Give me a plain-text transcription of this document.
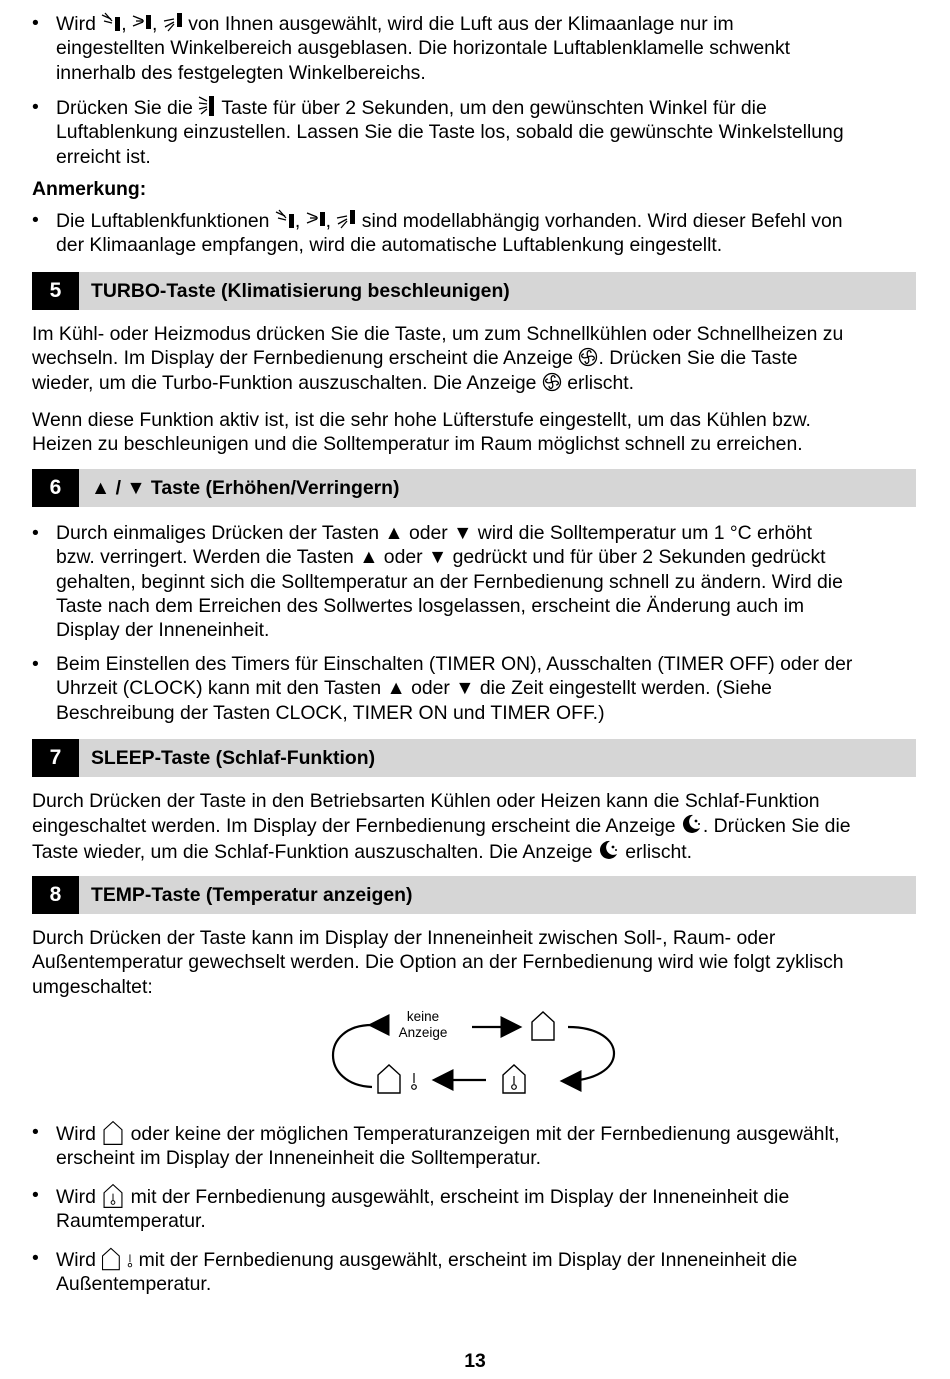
• Wird , , von Ihnen ausgewählt, wird die Luft aus der Klimaanlage nur im
eingestellten Winkelbereich ausgeblasen. Die horizontale Luftablenklamelle schwenkt
innerhalb des festgelegten Winkelbereichs.
• Drücken Sie die Taste für über 2 Sekunden, um den gewünschten Winkel für die
Luftablenkung einzustellen. Lassen Sie die Taste los, sobald die gewünschte Winkelstellung
erreicht ist.
Anmerkung:
• Die Luftablenkfunktionen , , sind modellabhängig vorhanden. Wird dieser Befehl von
der Klimaanlage empfangen, wird die automatische Luftablenkung eingestellt.
5	TURBO-Taste (Klimatisierung beschleunigen)
Im Kühl- oder Heizmodus drücken Sie die Taste, um zum Schnellkühlen oder Schnellheizen zu
wechseln. Im Display der Fernbedienung erscheint die Anzeige . Drücken Sie die Taste
wieder, um die Turbo-Funktion auszuschalten. Die Anzeige erlischt.
Wenn diese Funktion aktiv ist, ist die sehr hohe Lüfterstufe eingestellt, um das Kühlen bzw.
Heizen zu beschleunigen und die Solltemperatur im Raum möglichst schnell zu erreichen.
6	▲ / ▼ Taste (Erhöhen/Verringern)
• Durch einmaliges Drücken der Tasten ▲ oder ▼ wird die Solltemperatur um 1 °C erhöht
bzw. verringert. Werden die Tasten ▲ oder ▼ gedrückt und für über 2 Sekunden gedrückt
gehalten, beginnt sich die Solltemperatur an der Fernbedienung schnell zu ändern. Wird die
Taste nach dem Erreichen des Sollwertes losgelassen, erscheint die Änderung auch im
Display der Inneneinheit.
• Beim Einstellen des Timers für Einschalten (TIMER ON), Ausschalten (TIMER OFF) oder der
Uhrzeit (CLOCK) kann mit den Tasten ▲ oder ▼ die Zeit eingestellt werden. (Siehe
Beschreibung der Tasten CLOCK, TIMER ON und TIMER OFF.)
7	SLEEP-Taste (Schlaf-Funktion)
Durch Drücken der Taste in den Betriebsarten Kühlen oder Heizen kann die Schlaf-Funktion
eingeschaltet werden. Im Display der Fernbedienung erscheint die Anzeige . Drücken Sie die
Taste wieder, um die Schlaf-Funktion auszuschalten. Die Anzeige erlischt.
8	TEMP-Taste (Temperatur anzeigen)
Durch Drücken der Taste kann im Display der Inneneinheit zwischen Soll-, Raum- oder
Außentemperatur gewechselt werden. Die Option an der Fernbedienung wird wie folgt zyklisch
umgeschaltet:
keine
Anzeige
• Wird oder keine der möglichen Temperaturanzeigen mit der Fernbedienung ausgewählt,
erscheint im Display der Inneneinheit die Solltemperatur.
• Wird mit der Fernbedienung ausgewählt, erscheint im Display der Inneneinheit die
Raumtemperatur.
• Wird mit der Fernbedienung ausgewählt, erscheint im Display der Inneneinheit die
Außentemperatur.
13
